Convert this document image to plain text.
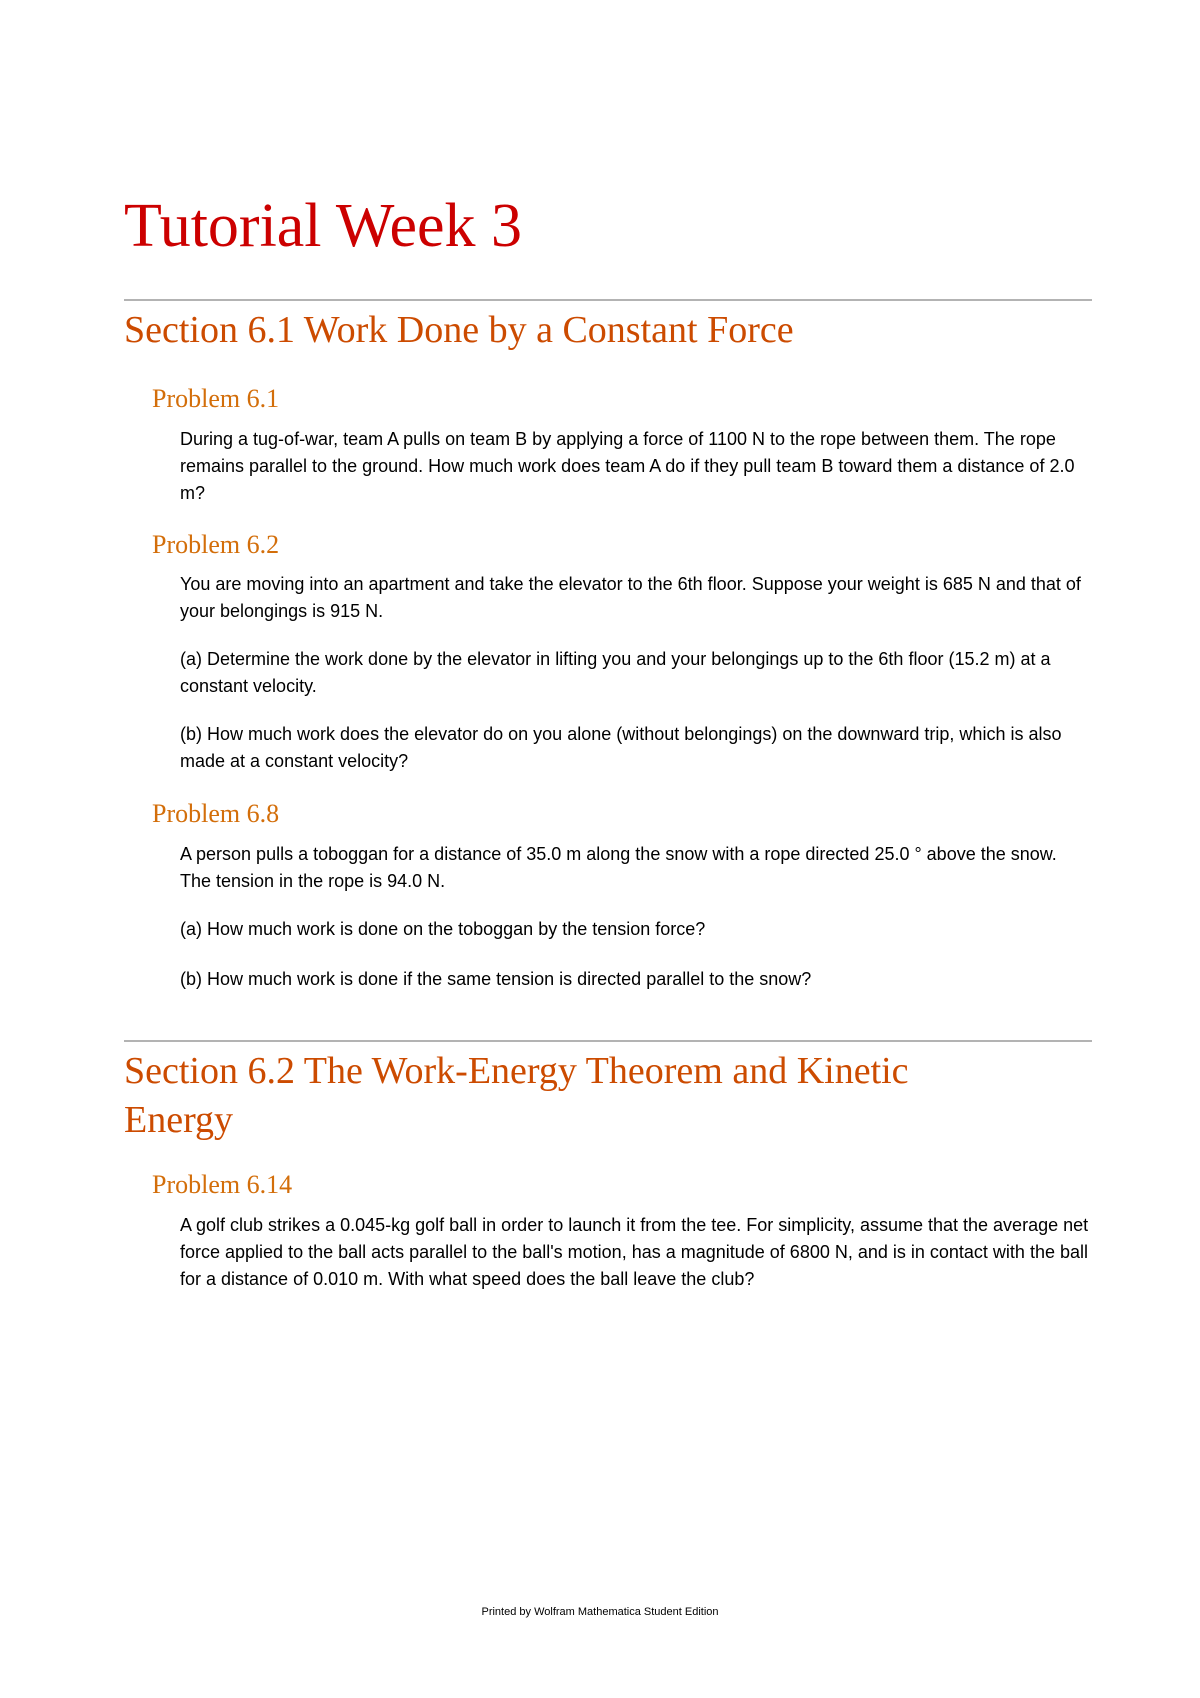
Tutorial Week 3
Section 6.1 Work Done by a Constant Force
Problem 6.1

During a tug-of-war, team A pulls on team B by applying a force of 1100 N to the rope between them. The rope remains parallel to the ground. How much work does team A do if they pull team B toward them a distance of 2.0 m?

Problem 6.2

You are moving into an apartment and take the elevator to the 6th floor. Suppose your weight is 685 N and that of your belongings is 915 N.

(a) Determine the work done by the elevator in lifting you and your belongings up to the 6th floor (15.2 m) at a constant velocity.

(b) How much work does the elevator do on you alone (without belongings) on the downward trip, which is also made at a constant velocity?

Problem 6.8

A person pulls a toboggan for a distance of 35.0 m along the snow with a rope directed 25.0 ° above the snow. The tension in the rope is 94.0 N.

(a) How much work is done on the toboggan by the tension force?

(b) How much work is done if the same tension is directed parallel to the snow?

Section 6.2 The Work-Energy Theorem and Kinetic Energy
Problem 6.14

A golf club strikes a 0.045-kg golf ball in order to launch it from the tee. For simplicity, assume that the average net force applied to the ball acts parallel to the ball's motion, has a magnitude of 6800 N, and is in contact with the ball for a distance of 0.010 m. With what speed does the ball leave the club?

Printed by Wolfram Mathematica Student Edition
